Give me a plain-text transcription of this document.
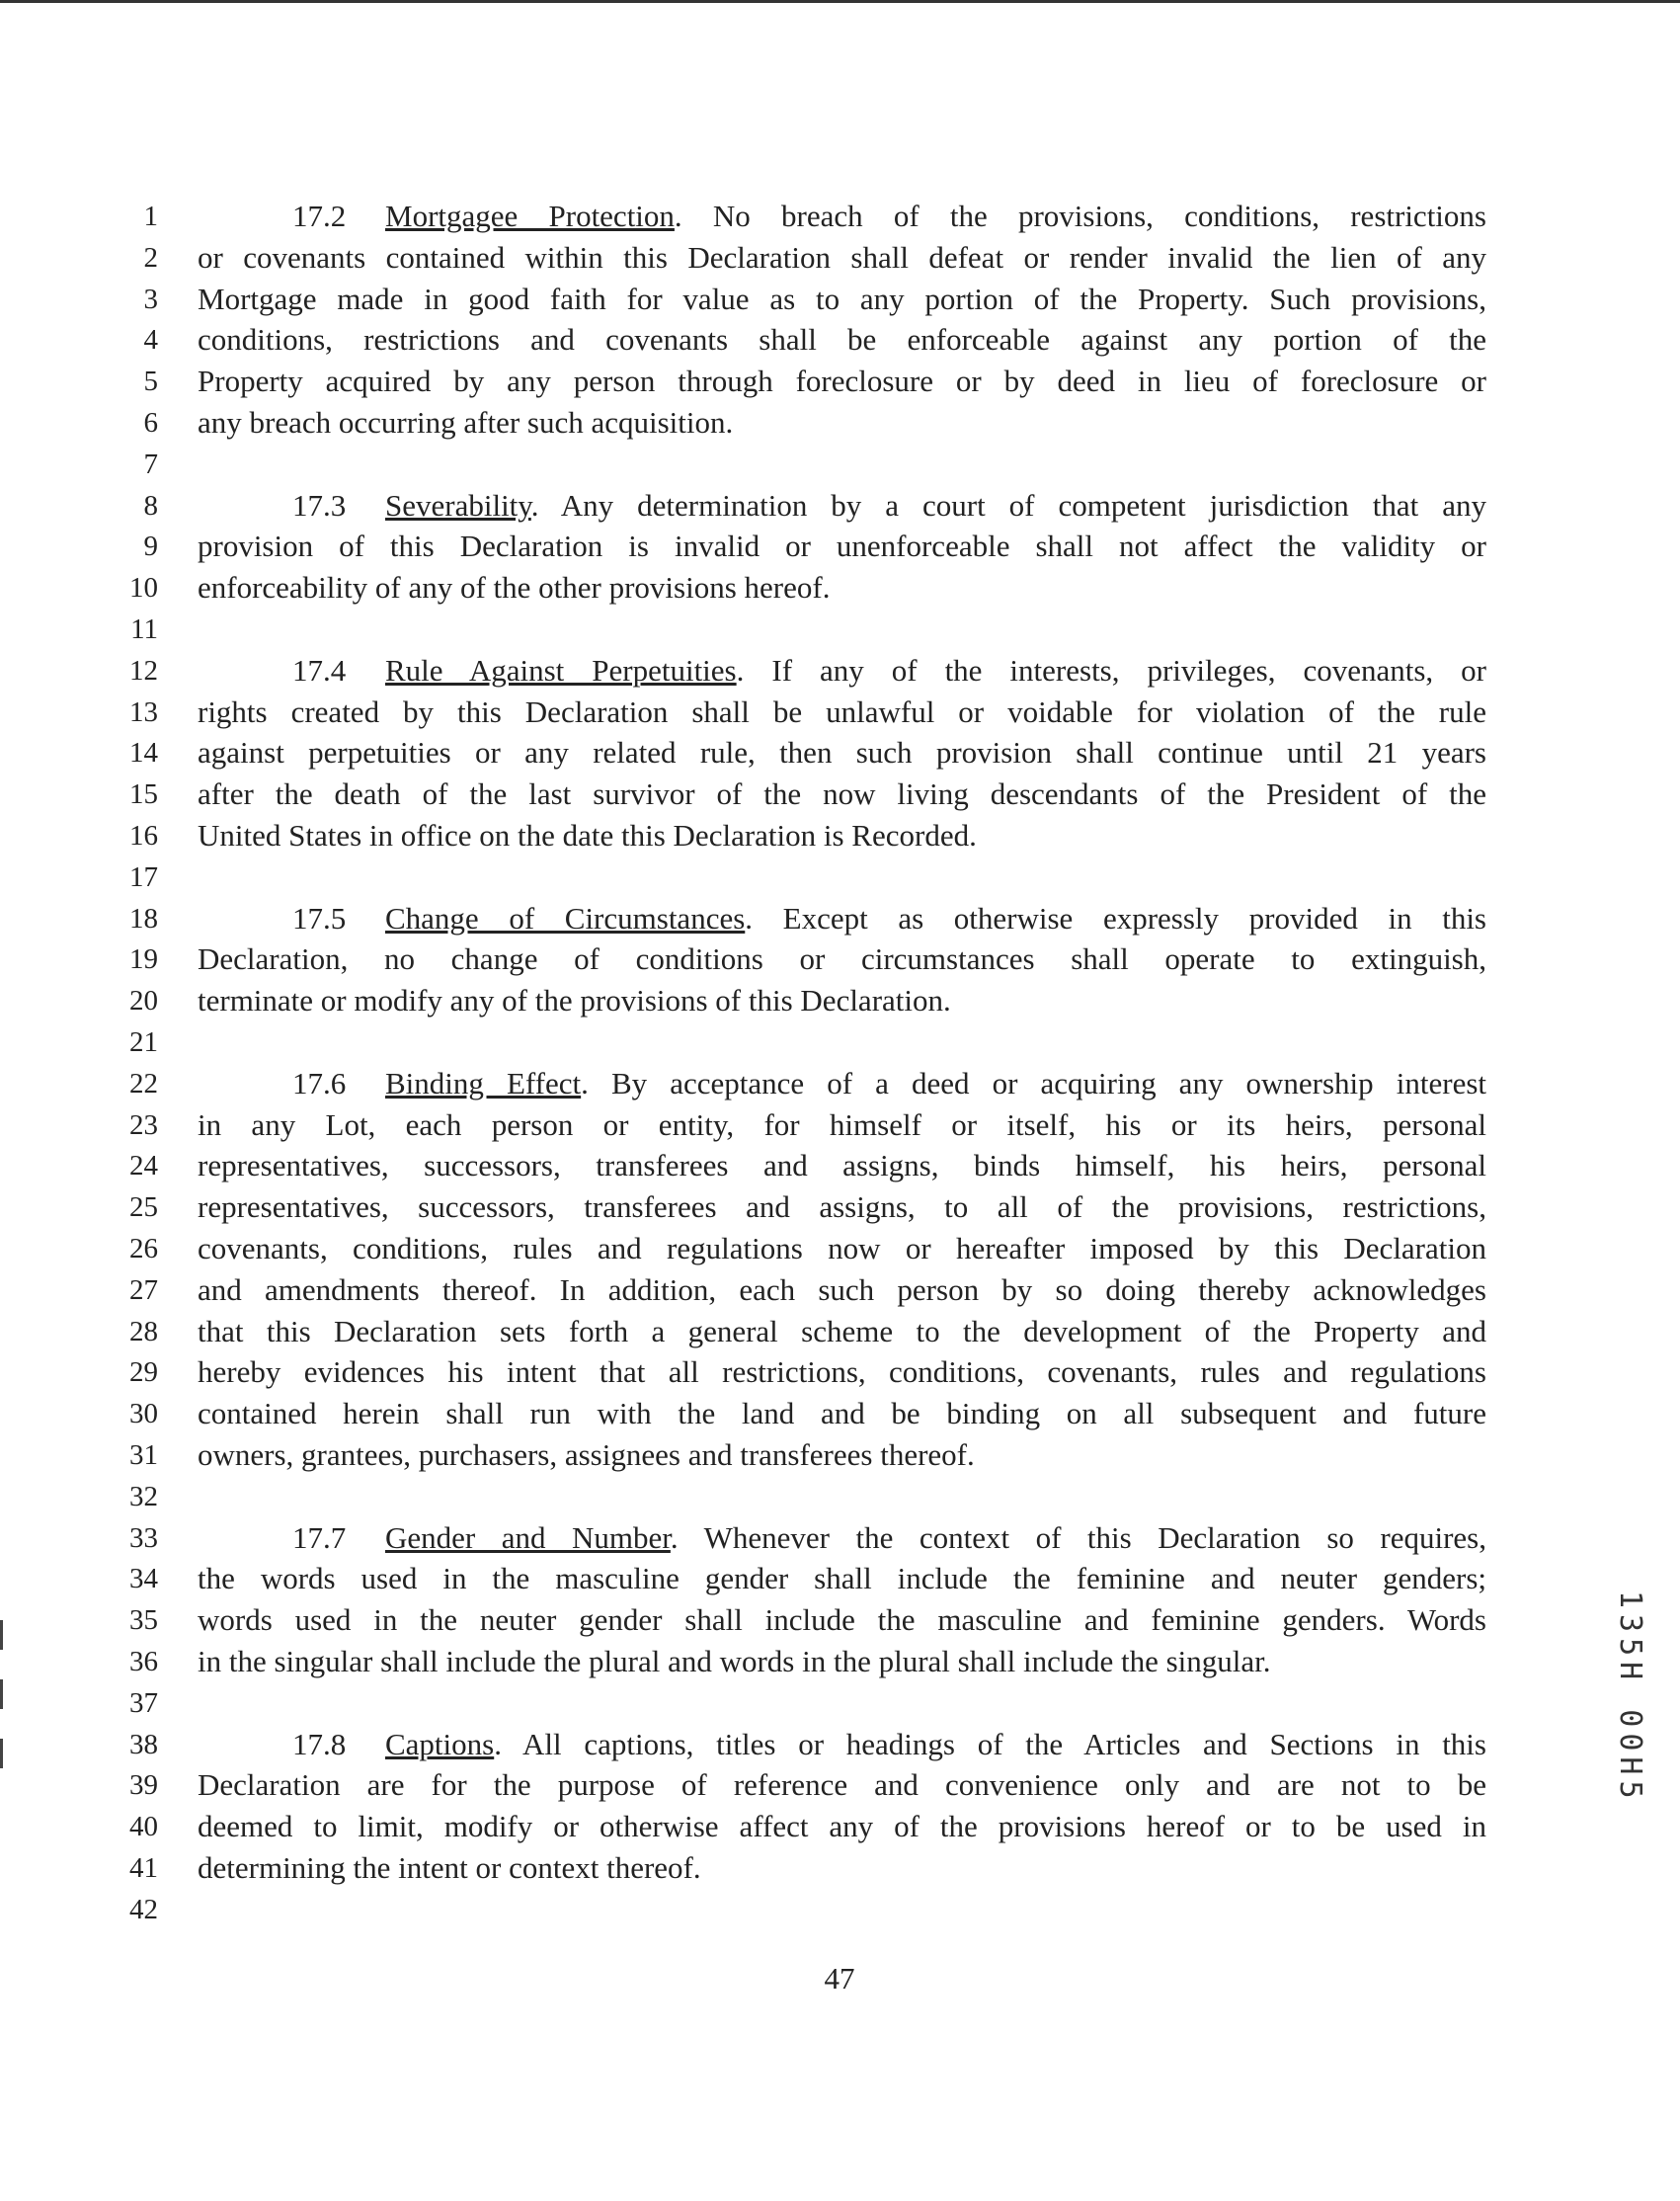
1	17.2 Mortgagee Protection. No breach of the provisions, conditions, restrictions
2 or covenants contained within this Declaration shall defeat or render invalid the lien of any
3 Mortgage made in good faith for value as to any portion of the Property. Such provisions,
4 conditions, restrictions and covenants shall be enforceable against any portion of the
5 Property acquired by any person through foreclosure or by deed in lieu of foreclosure or
6 any breach occurring after such acquisition.
7
8	17.3 Severability. Any determination by a court of competent jurisdiction that any
9 provision of this Declaration is invalid or unenforceable shall not affect the validity or
10 enforceability of any of the other provisions hereof.
11
12	17.4 Rule Against Perpetuities. If any of the interests, privileges, covenants, or
13 rights created by this Declaration shall be unlawful or voidable for violation of the rule
14 against perpetuities or any related rule, then such provision shall continue until 21 years
15 after the death of the last survivor of the now living descendants of the President of the
16 United States in office on the date this Declaration is Recorded.
17
18	17.5 Change of Circumstances. Except as otherwise expressly provided in this
19 Declaration, no change of conditions or circumstances shall operate to extinguish,
20 terminate or modify any of the provisions of this Declaration.
21
22	17.6 Binding Effect. By acceptance of a deed or acquiring any ownership interest
23 in any Lot, each person or entity, for himself or itself, his or its heirs, personal
24 representatives, successors, transferees and assigns, binds himself, his heirs, personal
25 representatives, successors, transferees and assigns, to all of the provisions, restrictions,
26 covenants, conditions, rules and regulations now or hereafter imposed by this Declaration
27 and amendments thereof. In addition, each such person by so doing thereby acknowledges
28 that this Declaration sets forth a general scheme to the development of the Property and
29 hereby evidences his intent that all restrictions, conditions, covenants, rules and regulations
30 contained herein shall run with the land and be binding on all subsequent and future
31 owners, grantees, purchasers, assignees and transferees thereof.
32
33	17.7 Gender and Number. Whenever the context of this Declaration so requires,
34 the words used in the masculine gender shall include the feminine and neuter genders;
35 words used in the neuter gender shall include the masculine and feminine genders. Words
36 in the singular shall include the plural and words in the plural shall include the singular.
37
38	17.8 Captions. All captions, titles or headings of the Articles and Sections in this
39 Declaration are for the purpose of reference and convenience only and are not to be
40 deemed to limit, modify or otherwise affect any of the provisions hereof or to be used in
41 determining the intent or context thereof.
42
47
135H 00H5
